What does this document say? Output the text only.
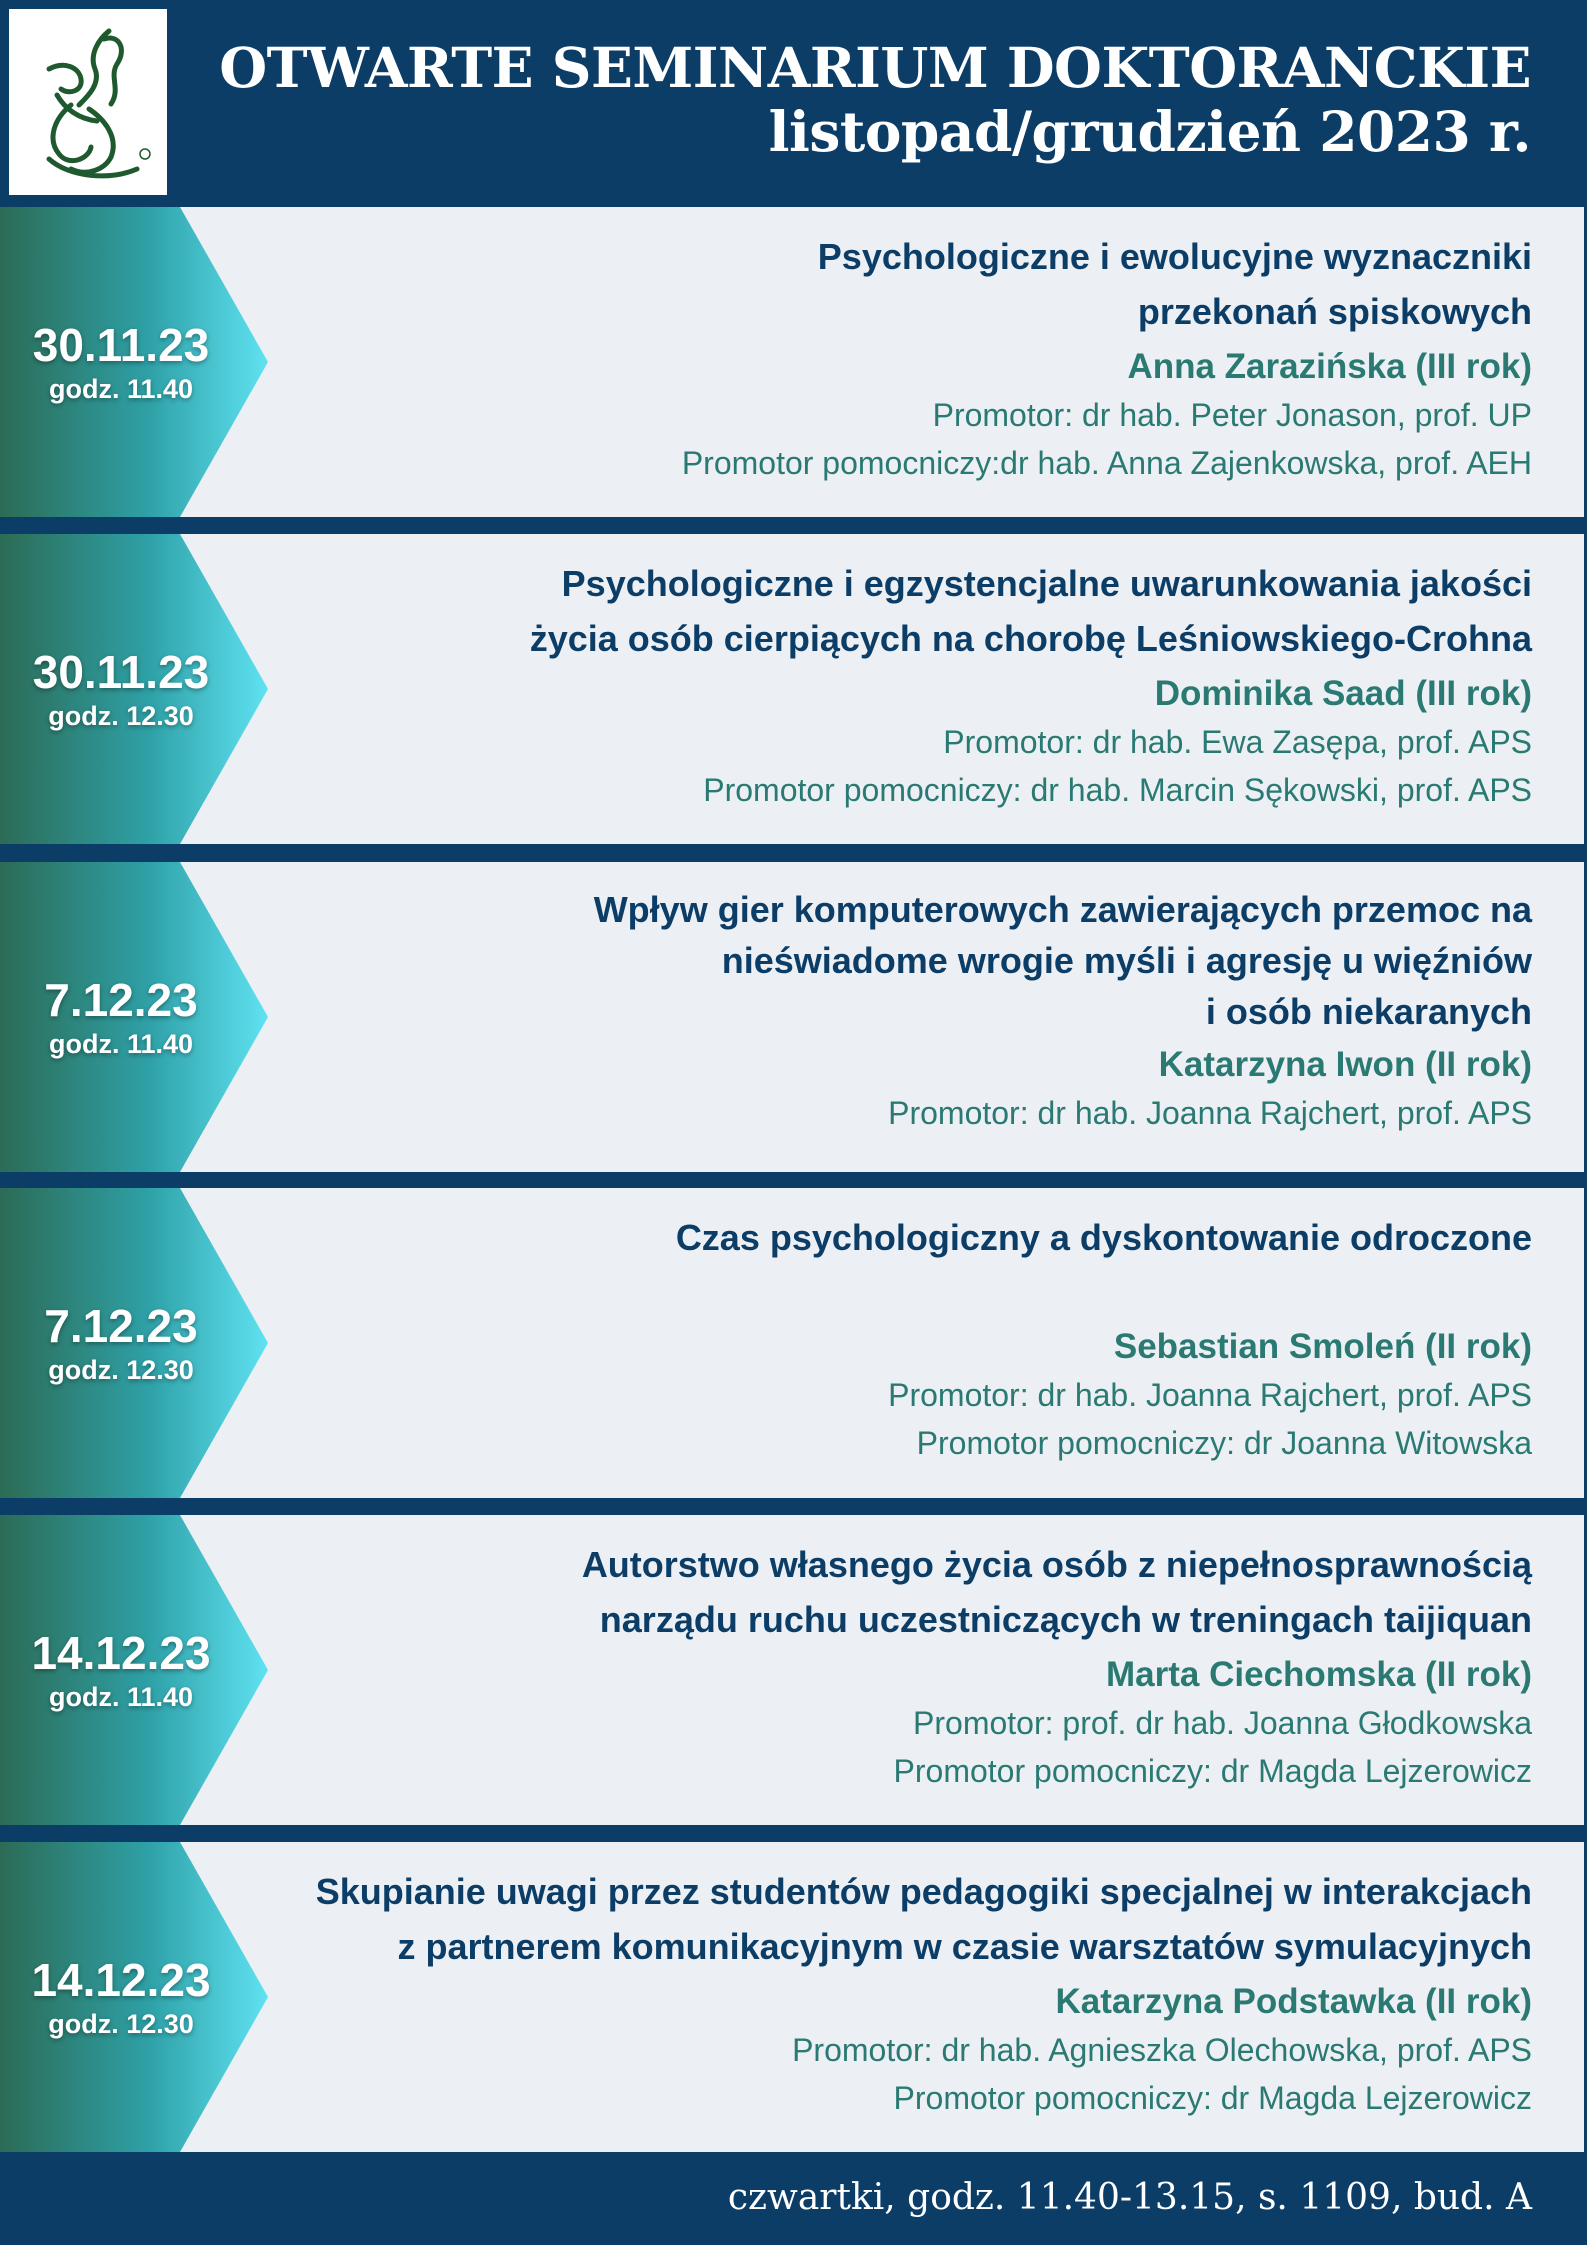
OTWARTE SEMINARIUM DOKTORANCKIE
listopad/grudzień 2023 r.
30.11.23
godz. 11.40
Psychologiczne i ewolucyjne wyznaczniki
przekonań spiskowych
Anna Zarazińska (III rok)
Promotor: dr hab. Peter Jonason, prof. UP
Promotor pomocniczy:dr hab. Anna Zajenkowska, prof. AEH
30.11.23
godz. 12.30
Psychologiczne i egzystencjalne uwarunkowania jakości
życia osób cierpiących na chorobę Leśniowskiego-Crohna
Dominika Saad (III rok)
Promotor: dr hab. Ewa Zasępa, prof. APS
Promotor pomocniczy: dr hab. Marcin Sękowski, prof. APS
7.12.23
godz. 11.40
Wpływ gier komputerowych zawierających przemoc na
nieświadome wrogie myśli i agresję u więźniów
i osób niekaranych
Katarzyna Iwon (II rok)
Promotor: dr hab. Joanna Rajchert, prof. APS
7.12.23
godz. 12.30
Czas psychologiczny a dyskontowanie odroczone
Sebastian Smoleń (II rok)
Promotor: dr hab. Joanna Rajchert, prof. APS
Promotor pomocniczy: dr Joanna Witowska
14.12.23
godz. 11.40
Autorstwo własnego życia osób z niepełnosprawnością
narządu ruchu uczestniczących w treningach taijiquan
Marta Ciechomska (II rok)
Promotor: prof. dr hab. Joanna Głodkowska
Promotor pomocniczy: dr Magda Lejzerowicz
14.12.23
godz. 12.30
Skupianie uwagi przez studentów pedagogiki specjalnej w interakcjach
z partnerem komunikacyjnym w czasie warsztatów symulacyjnych
Katarzyna Podstawka (II rok)
Promotor: dr hab. Agnieszka Olechowska, prof. APS
Promotor pomocniczy: dr Magda Lejzerowicz
czwartki, godz. 11.40-13.15, s. 1109, bud. A
